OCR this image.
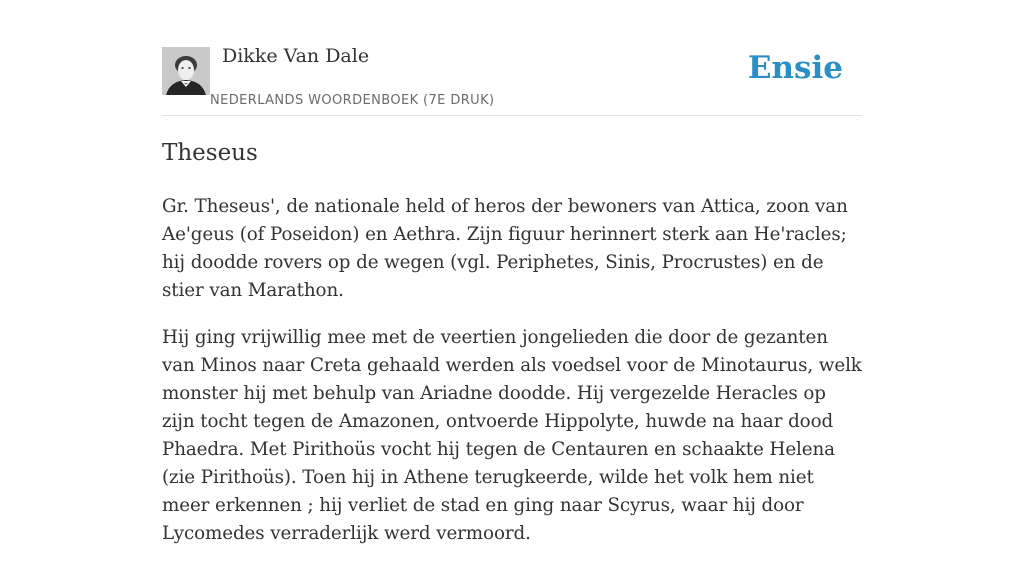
Dikke Van Dale
NEDERLANDS WOORDENBOEK (7E DRUK)
Ensie
Theseus

Gr. Theseus', de nationale held of heros der bewoners van Attica, zoon van Ae'geus (of Poseidon) en Aethra. Zijn figuur herinnert sterk aan He'racles; hij doodde rovers op de wegen (vgl. Periphetes, Sinis, Procrustes) en de stier van Marathon.

Hij ging vrijwillig mee met de veertien jongelieden die door de gezanten van Minos naar Creta gehaald werden als voedsel voor de Minotaurus, welk monster hij met behulp van Ariadne doodde. Hij vergezelde Heracles op zijn tocht tegen de Amazonen, ontvoerde Hippolyte, huwde na haar dood Phaedra. Met Pirithoüs vocht hij tegen de Centauren en schaakte Helena (zie Pirithoüs). Toen hij in Athene terugkeerde, wilde het volk hem niet meer erkennen ; hij verliet de stad en ging naar Scyrus, waar hij door Lycomedes verraderlijk werd vermoord.
